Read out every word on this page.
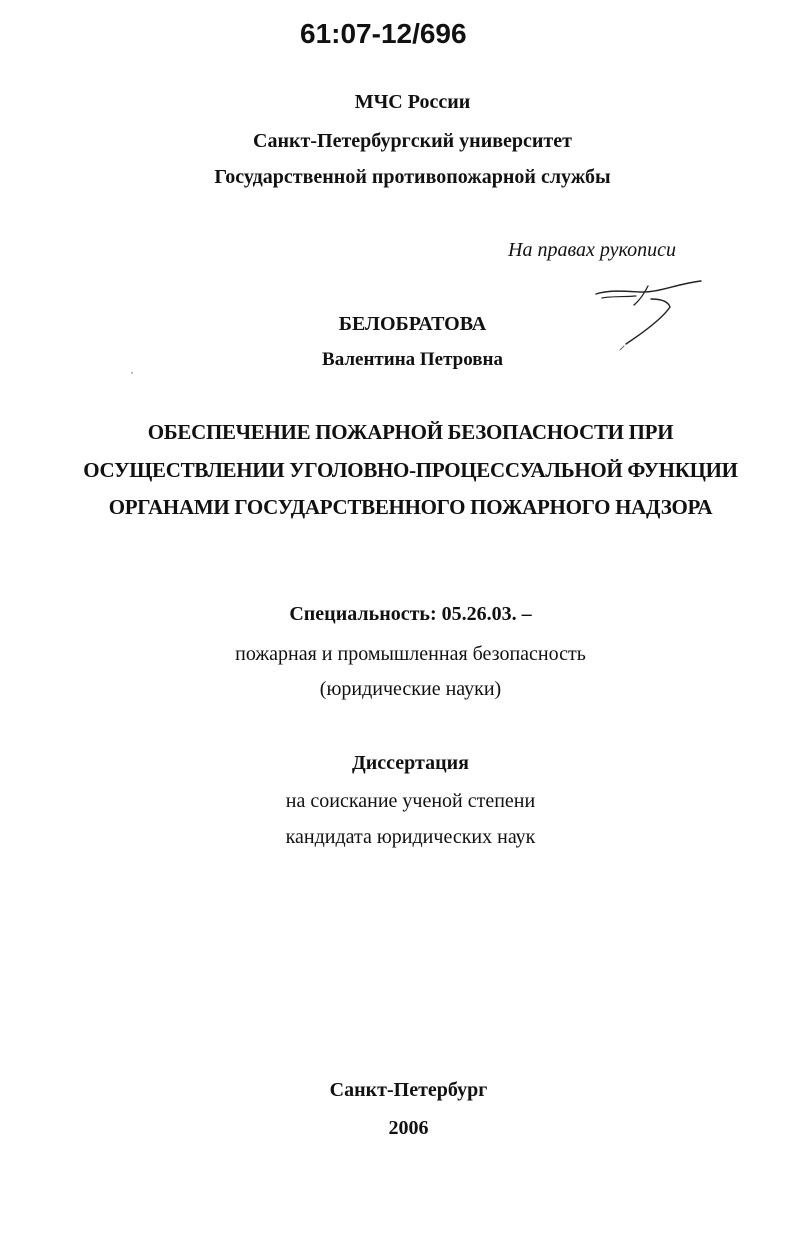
61:07-12/696
МЧС России
Санкт-Петербургский университет
Государственной противопожарной службы
На правах рукописи
БЕЛОБРАТОВА
Валентина Петровна
ОБЕСПЕЧЕНИЕ ПОЖАРНОЙ БЕЗОПАСНОСТИ ПРИ
ОСУЩЕСТВЛЕНИИ УГОЛОВНО-ПРОЦЕССУАЛЬНОЙ ФУНКЦИИ
ОРГАНАМИ ГОСУДАРСТВЕННОГО ПОЖАРНОГО НАДЗОРА
Специальность: 05.26.03. –
пожарная и промышленная безопасность
(юридические науки)
Диссертация
на соискание ученой степени
кандидата юридических наук
Санкт-Петербург
2006
